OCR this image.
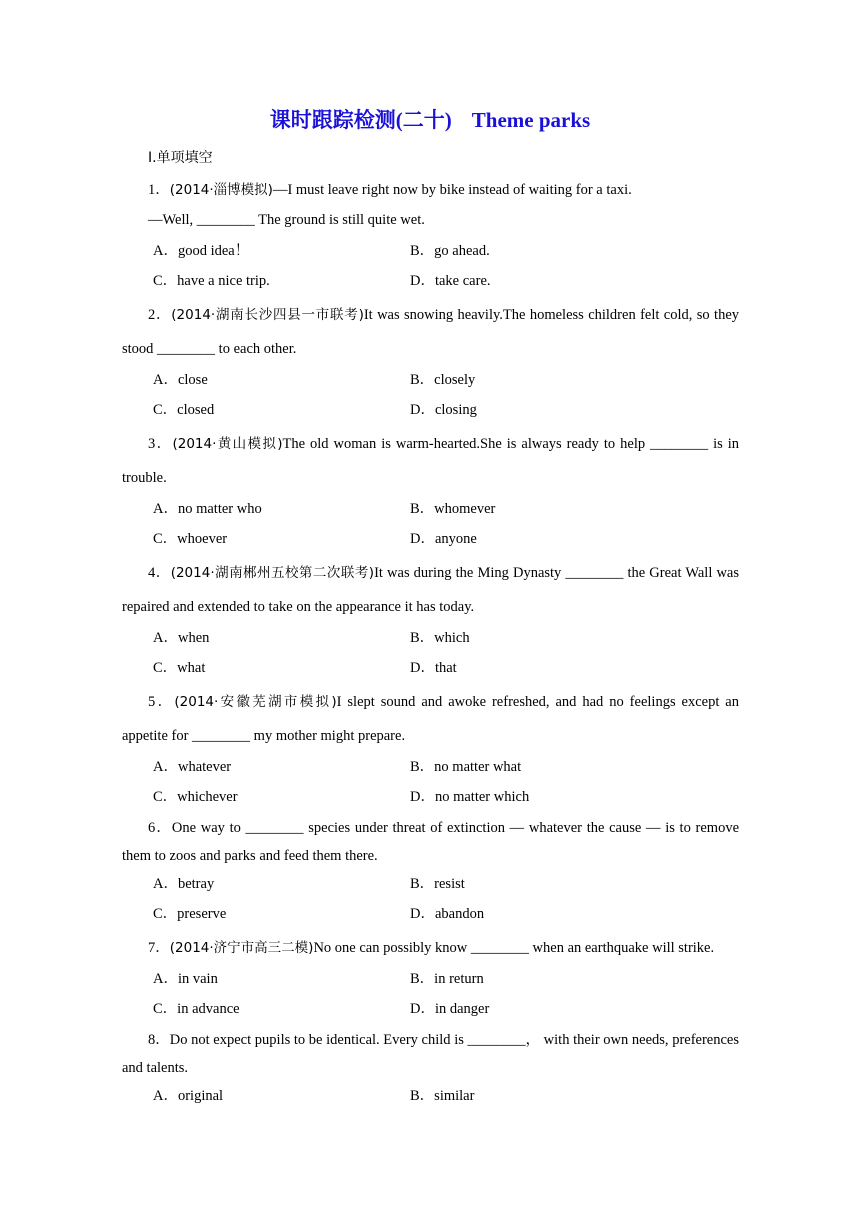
课时跟踪检测(二十) Theme parks
Ⅰ.单项填空
1．(2014·淄博模拟)—I must leave right now by bike instead of waiting for a taxi.
—Well, ________ The ground is still quite wet.
A．good idea！	B．go ahead.
C．have a nice trip.	D．take care.
2．(2014·湖南长沙四县一市联考)It was snowing heavily.The homeless children felt cold, so they stood ________ to each other.
A．close	B．closely
C．closed	D．closing
3．(2014·黄山模拟)The old woman is warm-hearted.She is always ready to help ________ is in trouble.
A．no matter who	B．whomever
C．whoever	D．anyone
4．(2014·湖南郴州五校第二次联考)It was during the Ming Dynasty ________ the Great Wall was repaired and extended to take on the appearance it has today.
A．when	B．which
C．what	D．that
5．(2014·安徽芜湖市模拟)I slept sound and awoke refreshed, and had no feelings except an appetite for ________ my mother might prepare.
A．whatever	B．no matter what
C．whichever	D．no matter which
6．One way to ________ species under threat of extinction — whatever the cause — is to remove them to zoos and parks and feed them there.
A．betray	B．resist
C．preserve	D．abandon
7．(2014·济宁市高三二模)No one can possibly know ________ when an earthquake will strike.
A．in vain	B．in return
C．in advance	D．in danger
8．Do not expect pupils to be identical. Every child is ________， with their own needs, preferences and talents.
A．original	B．similar
